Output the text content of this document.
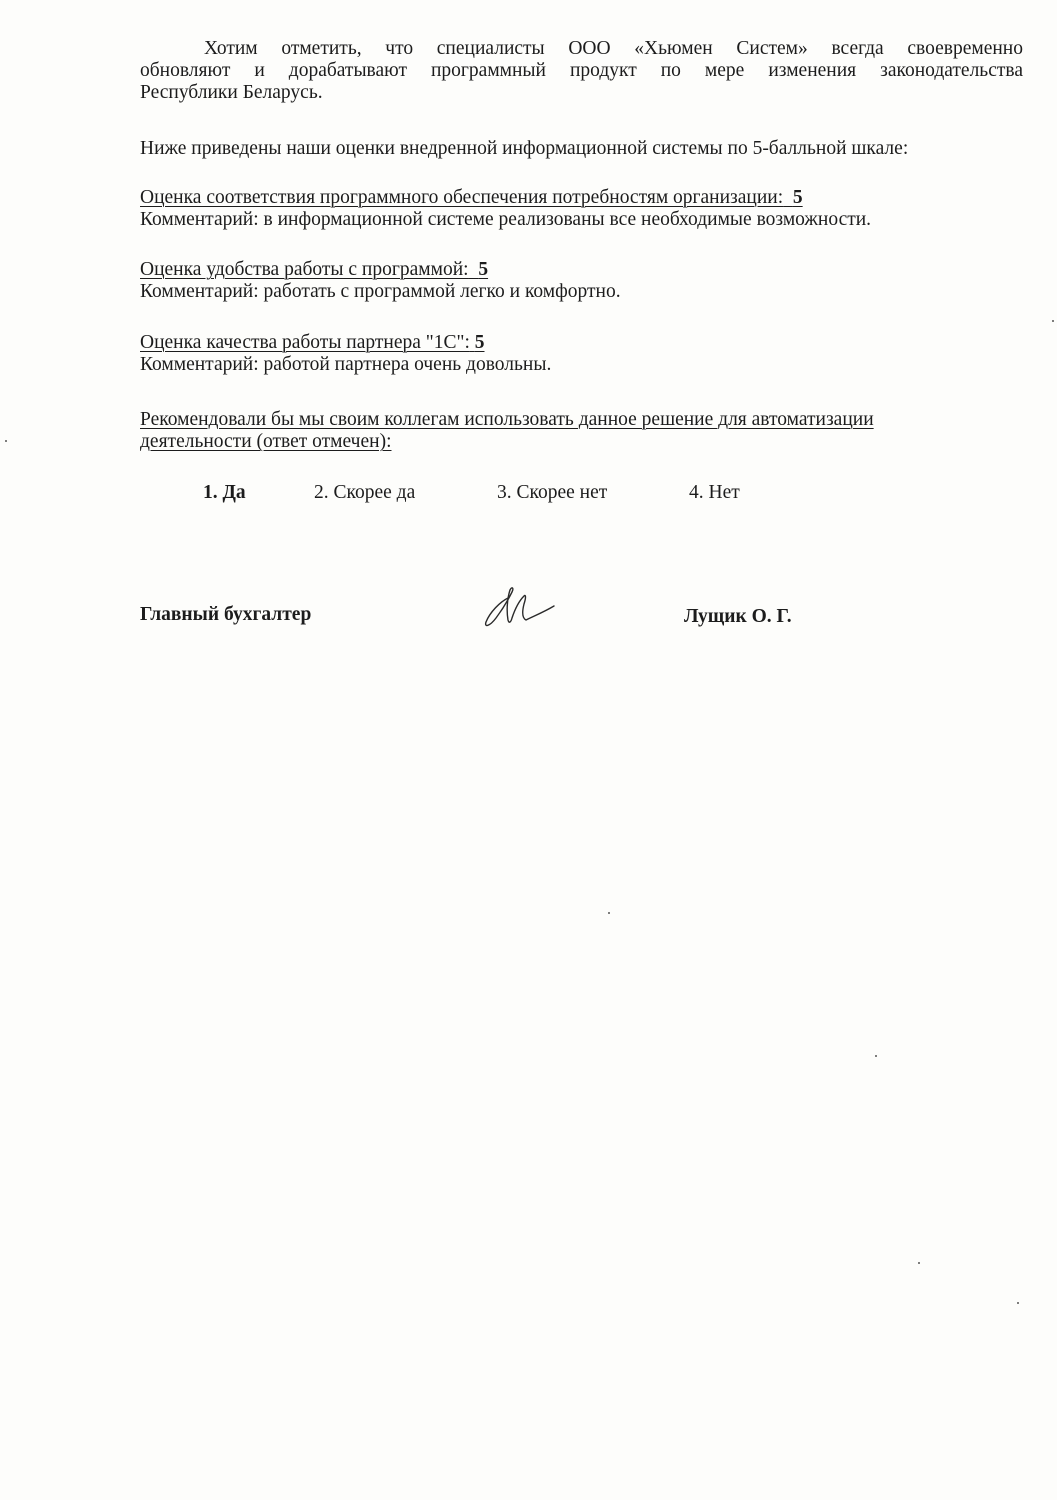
Хотим отметить, что специалисты ООО «Хьюмен Систем» всегда своевременно
обновляют и дорабатывают программный продукт по мере изменения законодательства
Республики Беларусь.
Ниже приведены наши оценки внедренной информационной системы по 5-балльной шкале:
Оценка соответствия программного обеспечения потребностям организации: 5
Комментарий: в информационной системе реализованы все необходимые возможности.
Оценка удобства работы с программой: 5
Комментарий: работать с программой легко и комфортно.
Оценка качества работы партнера "1С": 5
Комментарий: работой партнера очень довольны.
Рекомендовали бы мы своим коллегам использовать данное решение для автоматизации
деятельности (ответ отмечен):
1. Да	2. Скорее да	3. Скорее нет	4. Нет
Главный бухгалтер	Лущик О. Г.
